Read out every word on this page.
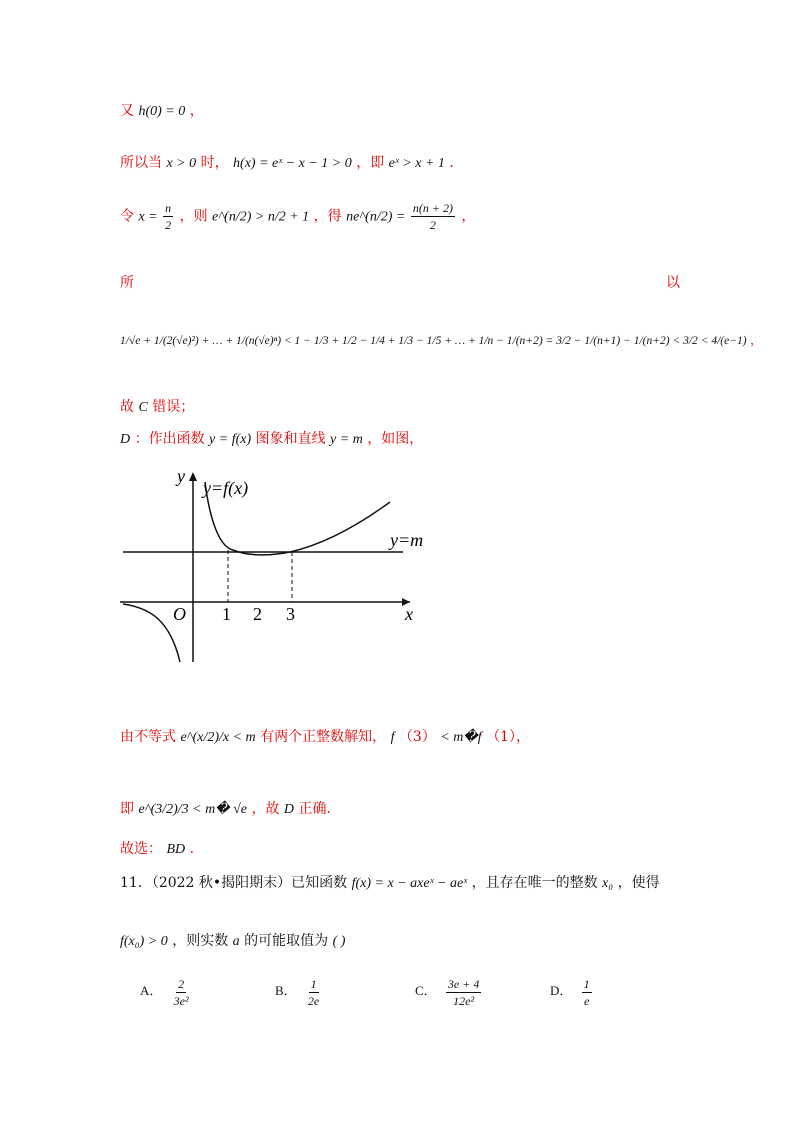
又 h(0) = 0 ，
所以当 x > 0 时， h(x) = eˣ − x − 1 > 0 ，即 eˣ > x + 1 ．
令 $x = \frac{n}{2}$ ，则 e^(n/2) > n/2 + 1 ，得 ne^(n/2) = $\frac{n(n + 2)}{2}$ ，
所	以
1/√e + 1/(2(√e)²) + … + 1/(n(√e)ⁿ) < 1 − 1/3 + 1/2 − 1/4 + 1/3 − 1/5 + … + 1/n − 1/(n+2) = 3/2 − 1/(n+1) − 1/(n+2) < 3/2 < 4/(e−1) ，
故 C 错误；
D ：作出函数 y = f(x) 图象和直线 y = m ，如图，
y
x
O
y=f(x)
y=m
1 2 3
由不等式 e^(x/2)/x < m 有两个正整数解知， f （3） < m�f （1），
即 e^(3/2)/3 < m� √e ，故 D 正确．
故选： BD ．
11．（2022 秋•揭阳期末）已知函数 f(x) = x − axeˣ − aeˣ ，且存在唯一的整数 x₀ ，使得
f(x₀) > 0 ，则实数 a 的可能取值为 ( )
A． $\frac{2}{\text{3e²}}$	B． $\frac{1}{2e}$	C． $\frac{3e + 4}{\text{12e²}}$	D． $\frac{1}{e}$
